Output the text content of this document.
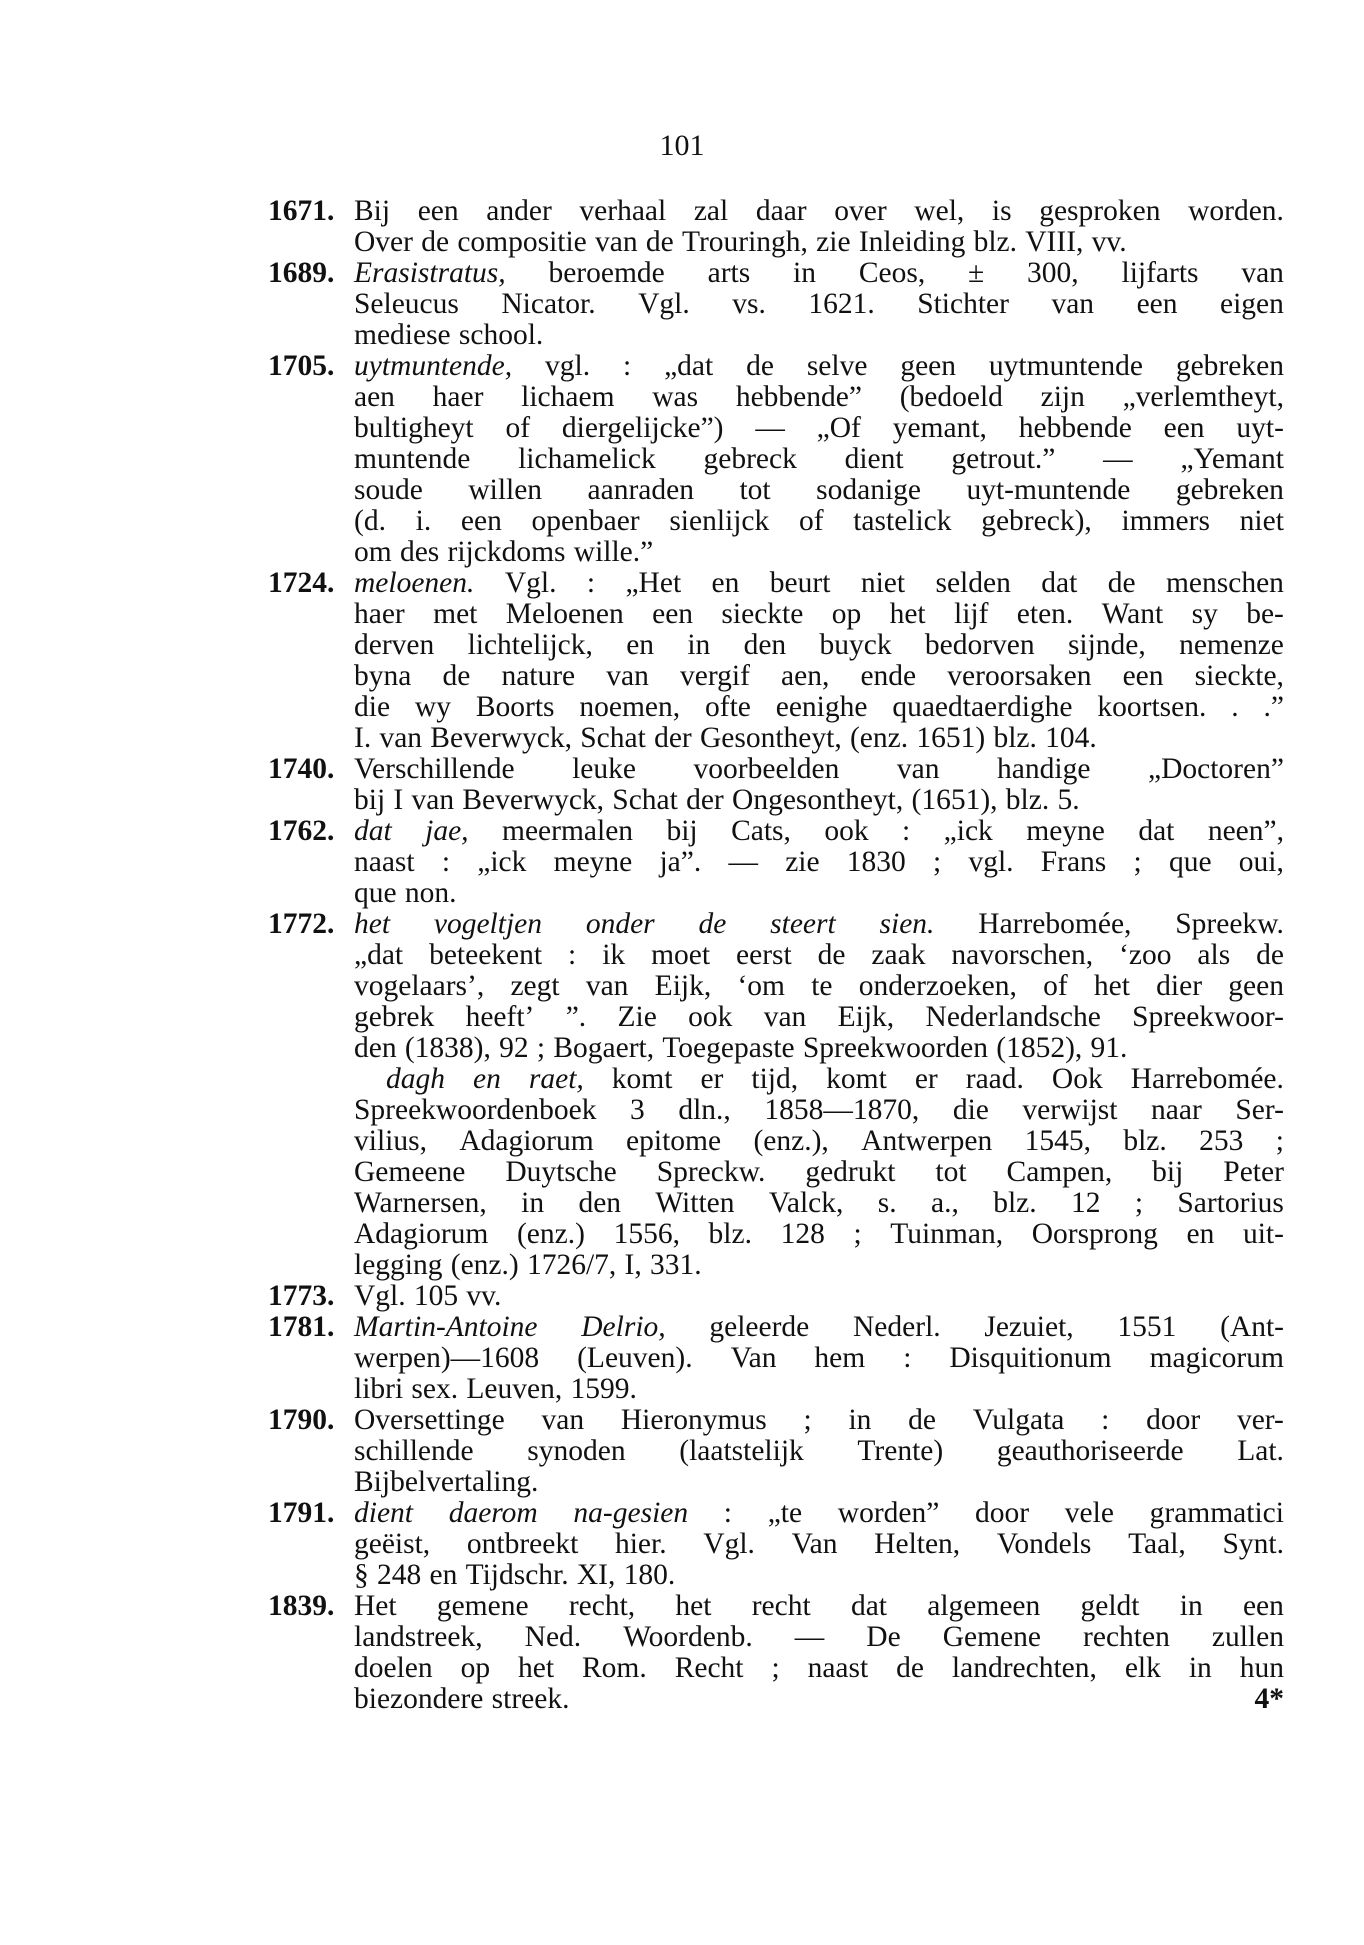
101
1671. Bij een ander verhaal zal daar over wel, is gesproken worden.
Over de compositie van de Trouringh, zie Inleiding blz. VIII, vv.
1689. Erasistratus, beroemde arts in Ceos, ± 300, lijfarts van
Seleucus Nicator. Vgl. vs. 1621. Stichter van een eigen
mediese school.
1705. uytmuntende, vgl. : „dat de selve geen uytmuntende gebreken
aen haer lichaem was hebbende” (bedoeld zijn „verlemtheyt,
bultigheyt of diergelijcke”) — „Of yemant, hebbende een uyt-
muntende lichamelick gebreck dient getrout.” — „Yemant
soude willen aanraden tot sodanige uyt-muntende gebreken
(d. i. een openbaer sienlijck of tastelick gebreck), immers niet
om des rijckdoms wille.”
1724. meloenen. Vgl. : „Het en beurt niet selden dat de menschen
haer met Meloenen een sieckte op het lijf eten. Want sy be-
derven lichtelijck, en in den buyck bedorven sijnde, nemenze
byna de nature van vergif aen, ende veroorsaken een sieckte,
die wy Boorts noemen, ofte eenighe quaedtaerdighe koortsen. . .”
I. van Beverwyck, Schat der Gesontheyt, (enz. 1651) blz. 104.
1740. Verschillende leuke voorbeelden van handige „Doctoren”
bij I van Beverwyck, Schat der Ongesontheyt, (1651), blz. 5.
1762. dat jae, meermalen bij Cats, ook : „ick meyne dat neen”,
naast : „ick meyne ja”. — zie 1830 ; vgl. Frans ; que oui,
que non.
1772. het vogeltjen onder de steert sien. Harrebomée, Spreekw.
„dat beteekent : ik moet eerst de zaak navorschen, ‘zoo als de
vogelaars’, zegt van Eijk, ‘om te onderzoeken, of het dier geen
gebrek heeft’ ”. Zie ook van Eijk, Nederlandsche Spreekwoor-
den (1838), 92 ; Bogaert, Toegepaste Spreekwoorden (1852), 91.
dagh en raet, komt er tijd, komt er raad. Ook Harrebomée.
Spreekwoordenboek 3 dln., 1858—1870, die verwijst naar Ser-
vilius, Adagiorum epitome (enz.), Antwerpen 1545, blz. 253 ;
Gemeene Duytsche Spreckw. gedrukt tot Campen, bij Peter
Warnersen, in den Witten Valck, s. a., blz. 12 ; Sartorius
Adagiorum (enz.) 1556, blz. 128 ; Tuinman, Oorsprong en uit-
legging (enz.) 1726/7, I, 331.
1773. Vgl. 105 vv.
1781. Martin-Antoine Delrio, geleerde Nederl. Jezuiet, 1551 (Ant-
werpen)—1608 (Leuven). Van hem : Disquitionum magicorum
libri sex. Leuven, 1599.
1790. Oversettinge van Hieronymus ; in de Vulgata : door ver-
schillende synoden (laatstelijk Trente) geauthoriseerde Lat.
Bijbelvertaling.
1791. dient daerom na-gesien : „te worden” door vele grammatici
geëist, ontbreekt hier. Vgl. Van Helten, Vondels Taal, Synt.
§ 248 en Tijdschr. XI, 180.
1839. Het gemene recht, het recht dat algemeen geldt in een
landstreek, Ned. Woordenb. — De Gemene rechten zullen
doelen op het Rom. Recht ; naast de landrechten, elk in hun
biezondere streek.	4*
